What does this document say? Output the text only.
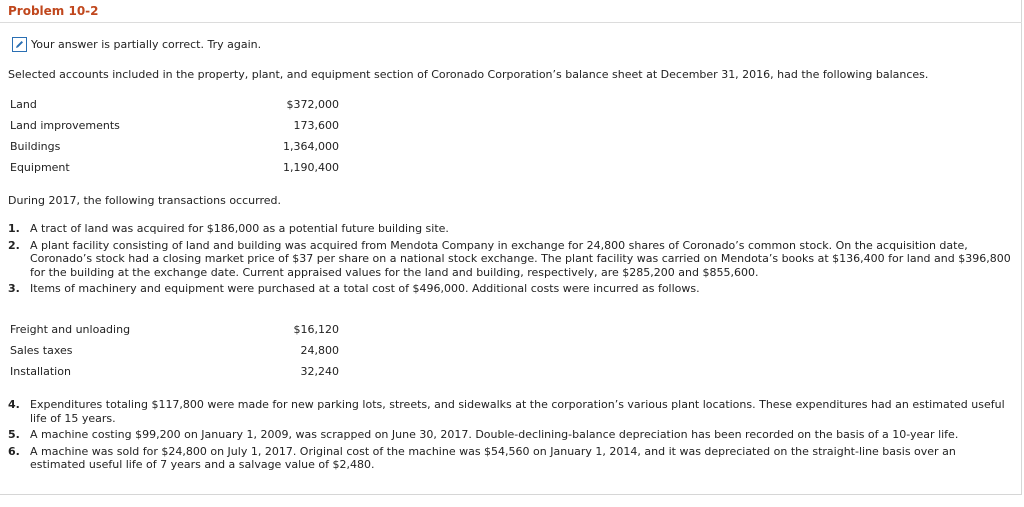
Problem 10-2
Your answer is partially correct. Try again.
Selected accounts included in the property, plant, and equipment section of Coronado Corporation’s balance sheet at December 31, 2016, had the following balances.
Land	$372,000
Land improvements	173,600
Buildings	1,364,000
Equipment	1,190,400
During 2017, the following transactions occurred.
1. A tract of land was acquired for $186,000 as a potential future building site.
2. A plant facility consisting of land and building was acquired from Mendota Company in exchange for 24,800 shares of Coronado’s common stock. On the acquisition date, Coronado’s stock had a closing market price of $37 per share on a national stock exchange. The plant facility was carried on Mendota’s books at $136,400 for land and $396,800 for the building at the exchange date. Current appraised values for the land and building, respectively, are $285,200 and $855,600.
3. Items of machinery and equipment were purchased at a total cost of $496,000. Additional costs were incurred as follows.
Freight and unloading	$16,120
Sales taxes	24,800
Installation	32,240
4. Expenditures totaling $117,800 were made for new parking lots, streets, and sidewalks at the corporation’s various plant locations. These expenditures had an estimated useful life of 15 years.
5. A machine costing $99,200 on January 1, 2009, was scrapped on June 30, 2017. Double-declining-balance depreciation has been recorded on the basis of a 10-year life.
6. A machine was sold for $24,800 on July 1, 2017. Original cost of the machine was $54,560 on January 1, 2014, and it was depreciated on the straight-line basis over an estimated useful life of 7 years and a salvage value of $2,480.
